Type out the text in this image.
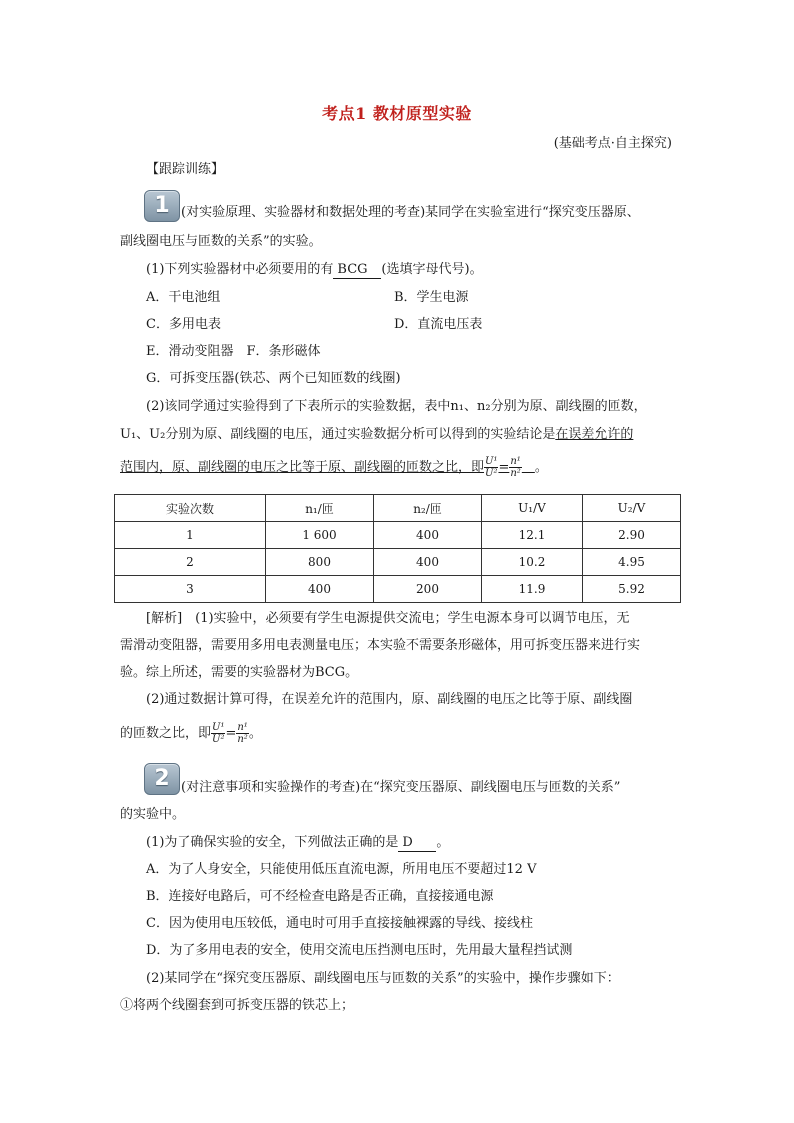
考点1 教材原型实验
(基础考点·自主探究)
【跟踪训练】
1 (对实验原理、实验器材和数据处理的考查)某同学在实验室进行“探究变压器原、
副线圈电压与匝数的关系”的实验。
(1)下列实验器材中必须要用的有 BCG (选填字母代号)。
A．干电池组	B．学生电源
C．多用电表	D．直流电压表
E．滑动变阻器　F．条形磁体
G．可拆变压器(铁芯、两个已知匝数的线圈)
(2)该同学通过实验得到了下表所示的实验数据，表中n₁、n₂分别为原、副线圈的匝数，
U₁、U₂分别为原、副线圈的电压，通过实验数据分析可以得到的实验结论是在误差允许的
范围内，原、副线圈的电压之比等于原、副线圈的匝数之比，即 $\frac{\text{U¹}}{\text{U²}} = \frac{\text{n¹}}{\text{n²}}$
　 。
实验次数	n₁/匝	n₂/匝	U₁/V	U₂/V
1	1 600	400	12.1	2.90
2	800	400	10.2	4.95
3	400	200	11.9	5.92
[解析]　(1)实验中，必须要有学生电源提供交流电；学生电源本身可以调节电压，无
需滑动变阻器，需要用多用电表测量电压；本实验不需要条形磁体，用可拆变压器来进行实
验。综上所述，需要的实验器材为BCG。
(2)通过数据计算可得，在误差允许的范围内，原、副线圈的电压之比等于原、副线圈
的匝数之比，即 $\frac{\text{U¹}}{\text{U²}} = \frac{\text{n¹}}{\text{n²}}$ 。
2 (对注意事项和实验操作的考查)在“探究变压器原、副线圈电压与匝数的关系”
的实验中。
(1)为了确保实验的安全，下列做法正确的是 D 。
A．为了人身安全，只能使用低压直流电源，所用电压不要超过12 V
B．连接好电路后，可不经检查电路是否正确，直接接通电源
C．因为使用电压较低，通电时可用手直接接触裸露的导线、接线柱
D．为了多用电表的安全，使用交流电压挡测电压时，先用最大量程挡试测
(2)某同学在“探究变压器原、副线圈电压与匝数的关系”的实验中，操作步骤如下：
①将两个线圈套到可拆变压器的铁芯上；
